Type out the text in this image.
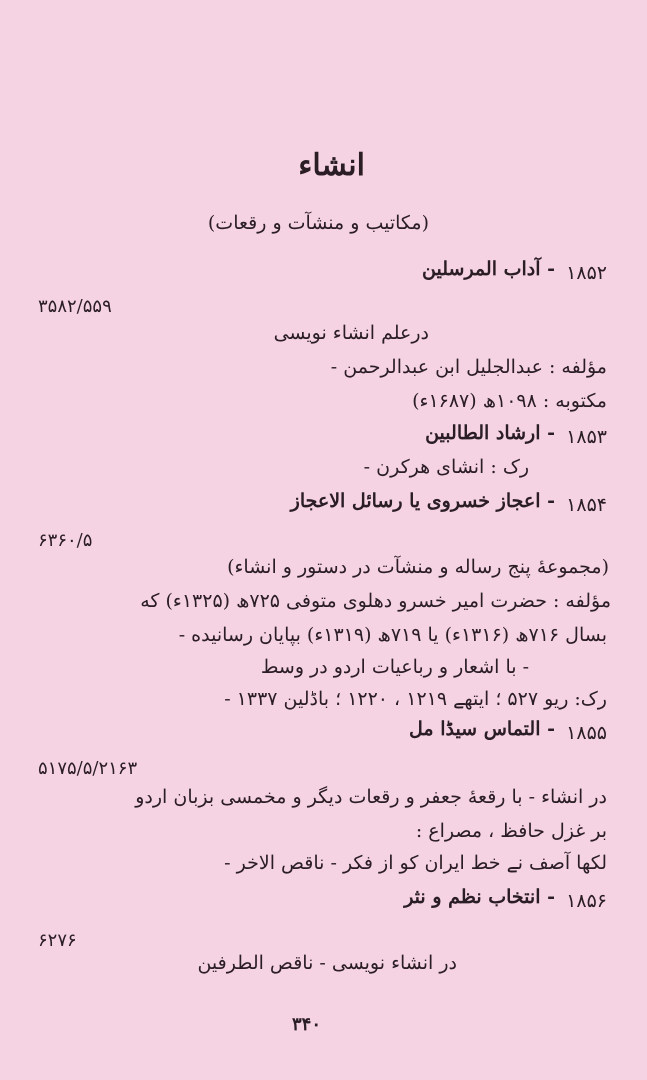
انشاء
(مکاتیب و منشآت و رقعات)
۱۸۵۲
- آداب المرسلین
۳۵۸۲/۵۵۹
درعلم انشاء نویسی
مؤلفه : عبدالجلیل ابن عبدالرحمن -
مکتوبه : ۱۰۹۸ھ (۱۶۸۷ء)
۱۸۵۳
- ارشاد الطالبین
رک : انشای هرکرن -
۱۸۵۴
- اعجاز خسروی یا رسائل الاعجاز
۶۳۶۰/۵
(مجموعهٔ پنج رساله و منشآت در دستور و انشاء)
مؤلفه : حضرت امیر خسرو دهلوی متوفی ۷۲۵ھ (۱۳۲۵ء) که
بسال ۷۱۶ھ (۱۳۱۶ء) یا ۷۱۹ھ (۱۳۱۹ء) بپایان رسانیده -
- با اشعار و رباعیات اردو در وسط
رک: ریو ۵۲۷ ؛ ایتهے ۱۲۱۹ ، ۱۲۲۰ ؛ باڈلین ۱۳۳۷ -
۱۸۵۵
- التماس سیڈا مل
۵۱۷۵/۵/۲۱۶۳
در انشاء - با رقعهٔ جعفر و رقعات دیگر و مخمسی بزبان اردو
بر غزل حافظ ، مصراع :
لکها آصف نے خط ایران کو از فکر - ناقص الاخر -
۱۸۵۶
- انتخاب نظم و نثر
۶۲۷۶
در انشاء نویسی - ناقص الطرفین
۳۴۰
